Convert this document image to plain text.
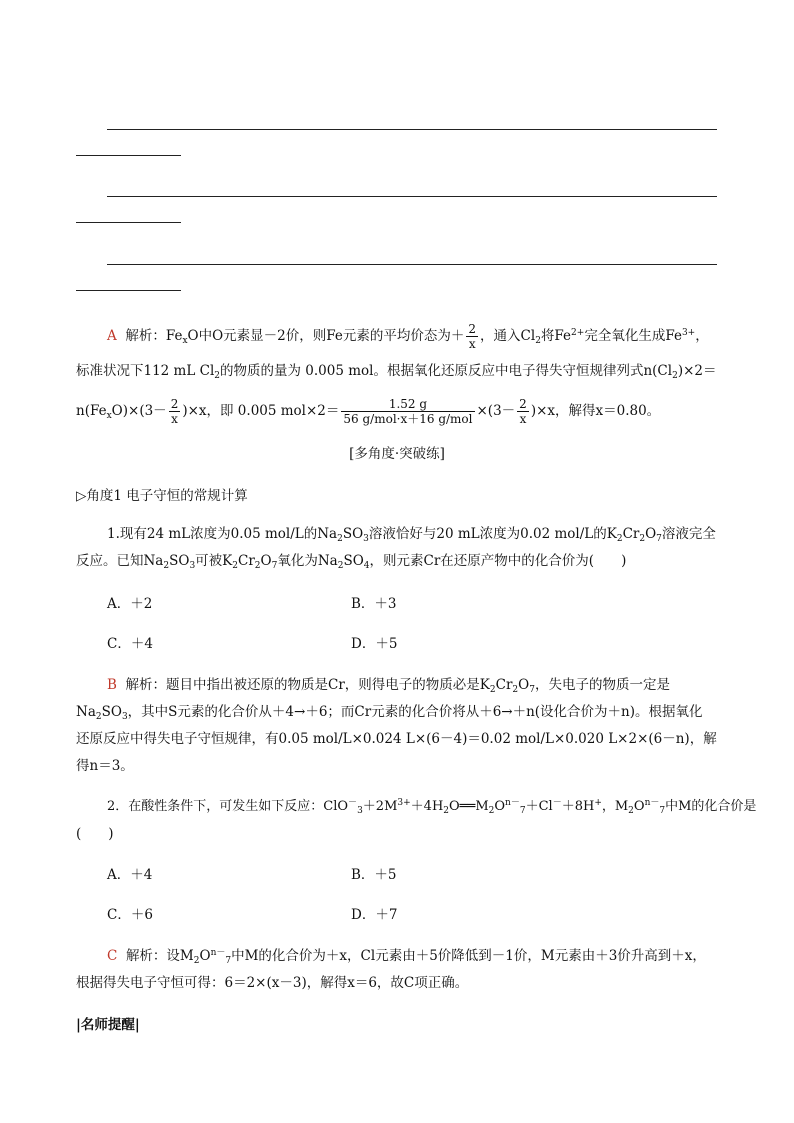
A 解析：$Fe_xO$中O元素显－2价，则Fe元素的平均价态为＋ $\frac{2}{x}$ ，通入$Cl_2$将$Fe^{2+}$完全氧化生成$Fe^{3+}$，
标准状况下112 mL $Cl_2$的物质的量为 0.005 mol。根据氧化还原反应中电子得失守恒规律列式$n(Cl_2)\times 2=$
$n(Fe_xO)\times(3- \frac{2}{x} )\times x$，即 0.005 $mol\times 2= \frac{1.52 g}{\text{56 g/mol·x＋16 g/mol}} \times(3- \frac{2}{x} )\times x$，解得x＝0.80。
[多角度·突破练]
▷角度1 电子守恒的常规计算
1.现有24 mL浓度为0.05 mol/L的$Na_2SO_3$溶液恰好与20 mL浓度为0.02 mol/L的$K_2Cr_2O_7$溶液完全
反应。已知$Na_2SO_3$可被$K_2Cr_2O_7$氧化为$Na_2SO_4$，则元素Cr在还原产物中的化合价为(　　)
A．＋2	B．＋3
C．＋4	D．＋5
B 解析：题目中指出被还原的物质是Cr，则得电子的物质必是$K_2Cr_2O_7$，失电子的物质一定是
$Na_2SO_3$，其中S元素的化合价从＋4→＋6；而Cr元素的化合价将从＋6→＋n(设化合价为＋n)。根据氧化
还原反应中得失电子守恒规律，有0.05 mol/L×0.024 L×(6－4)＝0.02 mol/L×0.020 L×2×(6－n)，解
得n＝3。
2．在酸性条件下，可发生如下反应：$ClO^-_3+2M^{3+}+4H_2O══M_2O^{n-}_7+Cl^-+8H^+$，$M_2O^{n-}_7$中M的化合价是
(　　)
A．＋4	B．＋5
C．＋6	D．＋7
C 解析：设$M_2O^{n-}_7$中M的化合价为＋x，Cl元素由＋5价降低到－1价，M元素由＋3价升高到＋x，
根据得失电子守恒可得：6＝2×(x－3)，解得x＝6，故C项正确。
|名师提醒|
